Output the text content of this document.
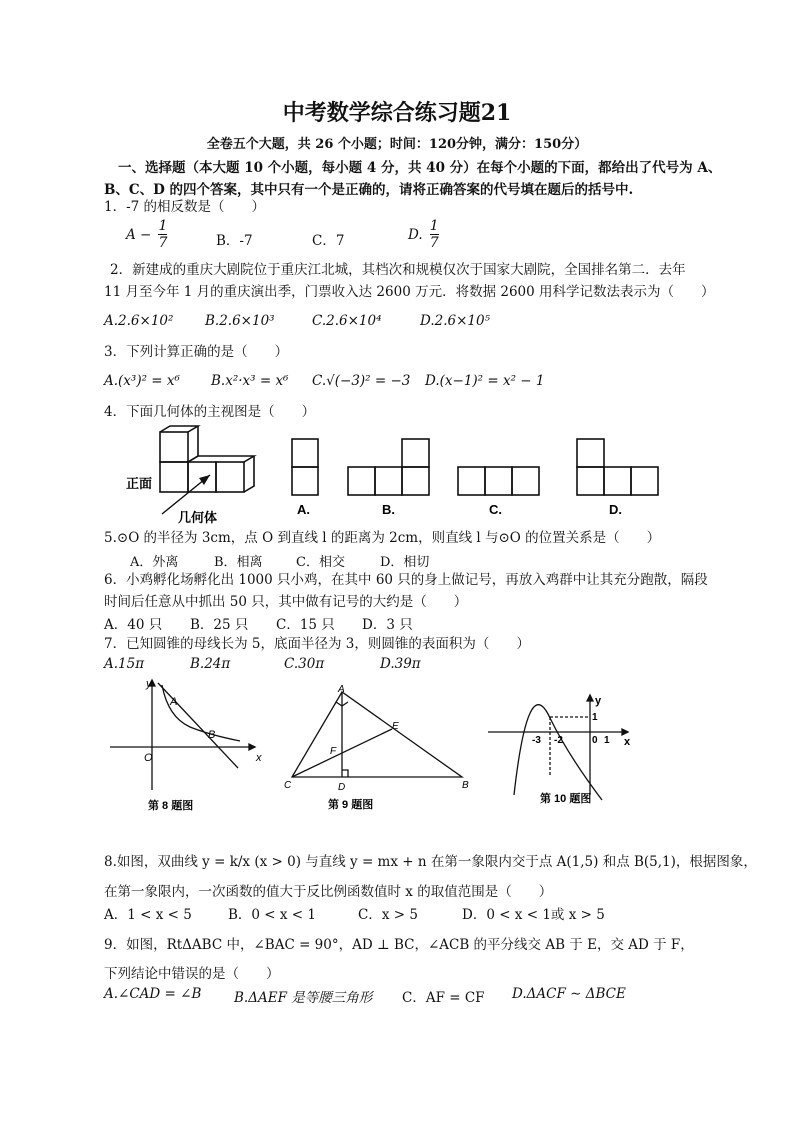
中考数学综合练习题21
全卷五个大题，共 26 个小题；时间：120分钟，满分：150分）
一、选择题（本大题 10 个小题，每小题 4 分，共 40 分）在每个小题的下面，都给出了代号为 A、
B、C、D 的四个答案，其中只有一个是正确的，请将正确答案的代号填在题后的括号中.
1．-7 的相反数是（　　）
$A - \frac{1}{7}$	B．-7	C．7	D. $\frac{1}{7}$
2．新建成的重庆大剧院位于重庆江北城，其档次和规模仅次于国家大剧院，全国排名第二．去年
11 月至今年 1 月的重庆演出季，门票收入达 2600 万元．将数据 2600 用科学记数法表示为（　　）
A.2.6×10² B.2.6×10³	C.2.6×10⁴	D.2.6×10⁵
3．下列计算正确的是（　　）
A.(x³)² = x⁶ B.x²·x³ = x⁶ C.√(−3)² = −3 D.(x−1)² = x² − 1
4．下面几何体的主视图是（　　）
正面
几何体
A.	B.	C.	D.
5.⊙O 的半径为 3cm，点 O 到直线 l 的距离为 2cm，则直线 l 与⊙O 的位置关系是（　　）
A．外离	B．相离	C．相交	D．相切
6．小鸡孵化场孵化出 1000 只小鸡，在其中 60 只的身上做记号，再放入鸡群中让其充分跑散，隔段
时间后任意从中抓出 50 只，其中做有记号的大约是（　　）
A．40 只 B．25 只 C．15 只 D．3 只
7．已知圆锥的母线长为 5，底面半径为 3，则圆锥的表面积为（　　）
A.15π	B.24π	C.30π	D.39π
y
x
O
A
B
第 8 题图
A
B
C	D
E
F
第 9 题图
y
x
1
0 1
-2
-3
第 10 题图
8.如图，双曲线 y = k/x (x > 0) 与直线 y = mx + n 在第一象限内交于点 A(1,5) 和点 B(5,1)，根据图象，
在第一象限内，一次函数的值大于反比例函数值时 x 的取值范围是（　　）
A．1 < x < 5	B．0 < x < 1	C．x > 5	D．0 < x < 1或 x > 5
9．如图，RtΔABC 中，∠BAC = 90°，AD ⊥ BC，∠ACB 的平分线交 AB 于 E，交 AD 于 F，
下列结论中错误的是（　　）
A.∠CAD = ∠B B.ΔAEF 是等腰三角形 C．AF = CF D.ΔACF ∼ ΔBCE
